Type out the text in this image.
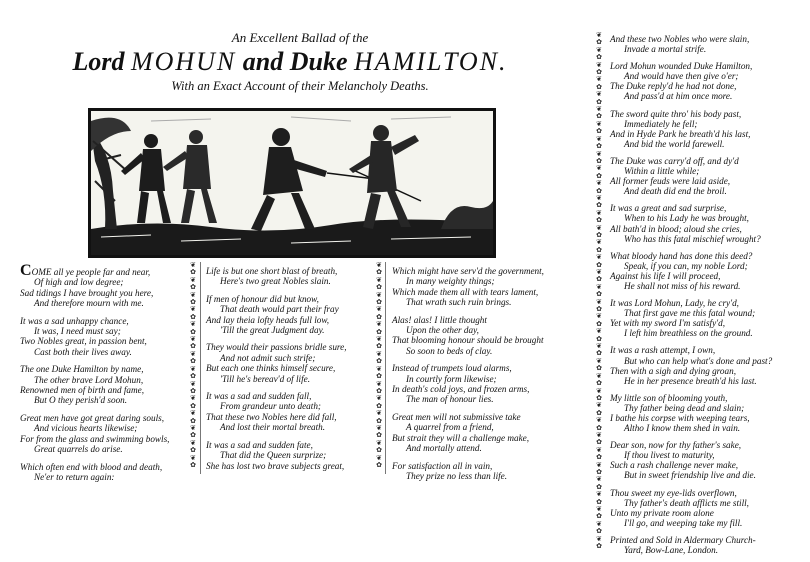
An Excellent Ballad of the
Lord MOHUN and Duke HAMILTON.
With an Exact Account of their Melancholy Deaths.
❦
✿
❦
✿
❦
✿
❦
✿
❦
✿
❦
✿
❦
✿
❦
✿
❦
✿
❦
✿
❦
✿
❦
✿
❦
✿
❦
✿
❦
✿
❦
✿
❦
✿
❦
✿
❦
✿
❦
✿
❦
✿
❦
✿
❦
✿
❦
✿
❦
✿
❦
✿
❦
✿
❦
✿
❦
✿
❦
✿
❦
✿
❦
✿
❦
✿
❦
✿
❦
✿
❦
✿
❦
✿
❦
✿
❦
✿
❦
✿
❦
✿
❦
✿
❦
✿
❦
✿
❦
✿
❦
✿
❦
✿
❦
✿
❦
✿
❦
✿
❦
✿
❦
✿
❦
✿
❦
✿
❦
✿
❦
✿
❦
✿
❦
✿
❦
✿
❦
✿
❦
✿
❦
✿
❦
✿
COME all ye people far and near,
Of high and low degree;
Sad tidings I have brought you here,
And therefore mourn with me.
It was a sad unhappy chance,
It was, I need must say;
Two Nobles great, in passion bent,
Cast both their lives away.
The one Duke Hamilton by name,
The other brave Lord Mohun,
Renowned men of birth and fame,
But O they perish'd soon.
Great men have got great daring souls,
And vicious hearts likewise;
For from the glass and swimming bowls,
Great quarrels do arise.
Which often end with blood and death,
Ne'er to return again:
Life is but one short blast of breath,
Here's two great Nobles slain.
If men of honour did but know,
That death would part their fray
And lay theia lofty heads full low,
'Till the great Judgment day.
They would their passions bridle sure,
And not admit such strife;
But each one thinks himself secure,
'Till he's bereav'd of life.
It was a sad and sudden fall,
From grandeur unto death;
That these two Nobles here did fall,
And lost their mortal breath.
It was a sad and sudden fate,
That did the Queen surprize;
She has lost two brave subjects great,
Which might have serv'd the government,
In many weighty things;
Which made them all with tears lament,
That wrath such ruin brings.
Alas! alas! I little thought
Upon the other day,
That blooming honour should be brought
So soon to beds of clay.
Instead of trumpets loud alarms,
In courtly form likewise;
In death's cold joys, and frozen arms,
The man of honour lies.
Great men will not submissive take
A quarrel from a friend,
But strait they will a challenge make,
And mortally attend.
For satisfaction all in vain,
They prize no less than life.
And these two Nobles who were slain,
Invade a mortal strife.
Lord Mohun wounded Duke Hamilton,
And would have then give o'er;
The Duke reply'd he had not done,
And pass'd at him once more.
The sword quite thro' his body past,
Immediately he fell;
And in Hyde Park he breath'd his last,
And bid the world farewell.
The Duke was carry'd off, and dy'd
Within a little while;
All former feuds were laid aside,
And death did end the broil.
It was a great and sad surprise,
When to his Lady he was brought,
All bath'd in blood; aloud she cries,
Who has this fatal mischief wrought?
What bloody hand has done this deed?
Speak, if you can, my noble Lord;
Against his life I will proceed,
He shall not miss of his reward.
It was Lord Mohun, Lady, he cry'd,
That first gave me this fatal wound;
Yet with my sword I'm satisfy'd,
I left him breathless on the ground.
It was a rash attempt, I own,
But who can help what's done and past?
Then with a sigh and dying groan,
He in her presence breath'd his last.
My little son of blooming youth,
Thy father being dead and slain;
I bathe his corpse with weeping tears,
Altho I know them shed in vain.
Dear son, now for thy father's sake,
If thou livest to maturity,
Such a rash challenge never make,
But in sweet friendship live and die.
Thou sweet my eye-lids overflown,
Thy father's death afflicts me still,
Unto my private room alone
I'll go, and weeping take my fill.
Printed and Sold in Aldermary Church-
Yard, Bow-Lane, London.
